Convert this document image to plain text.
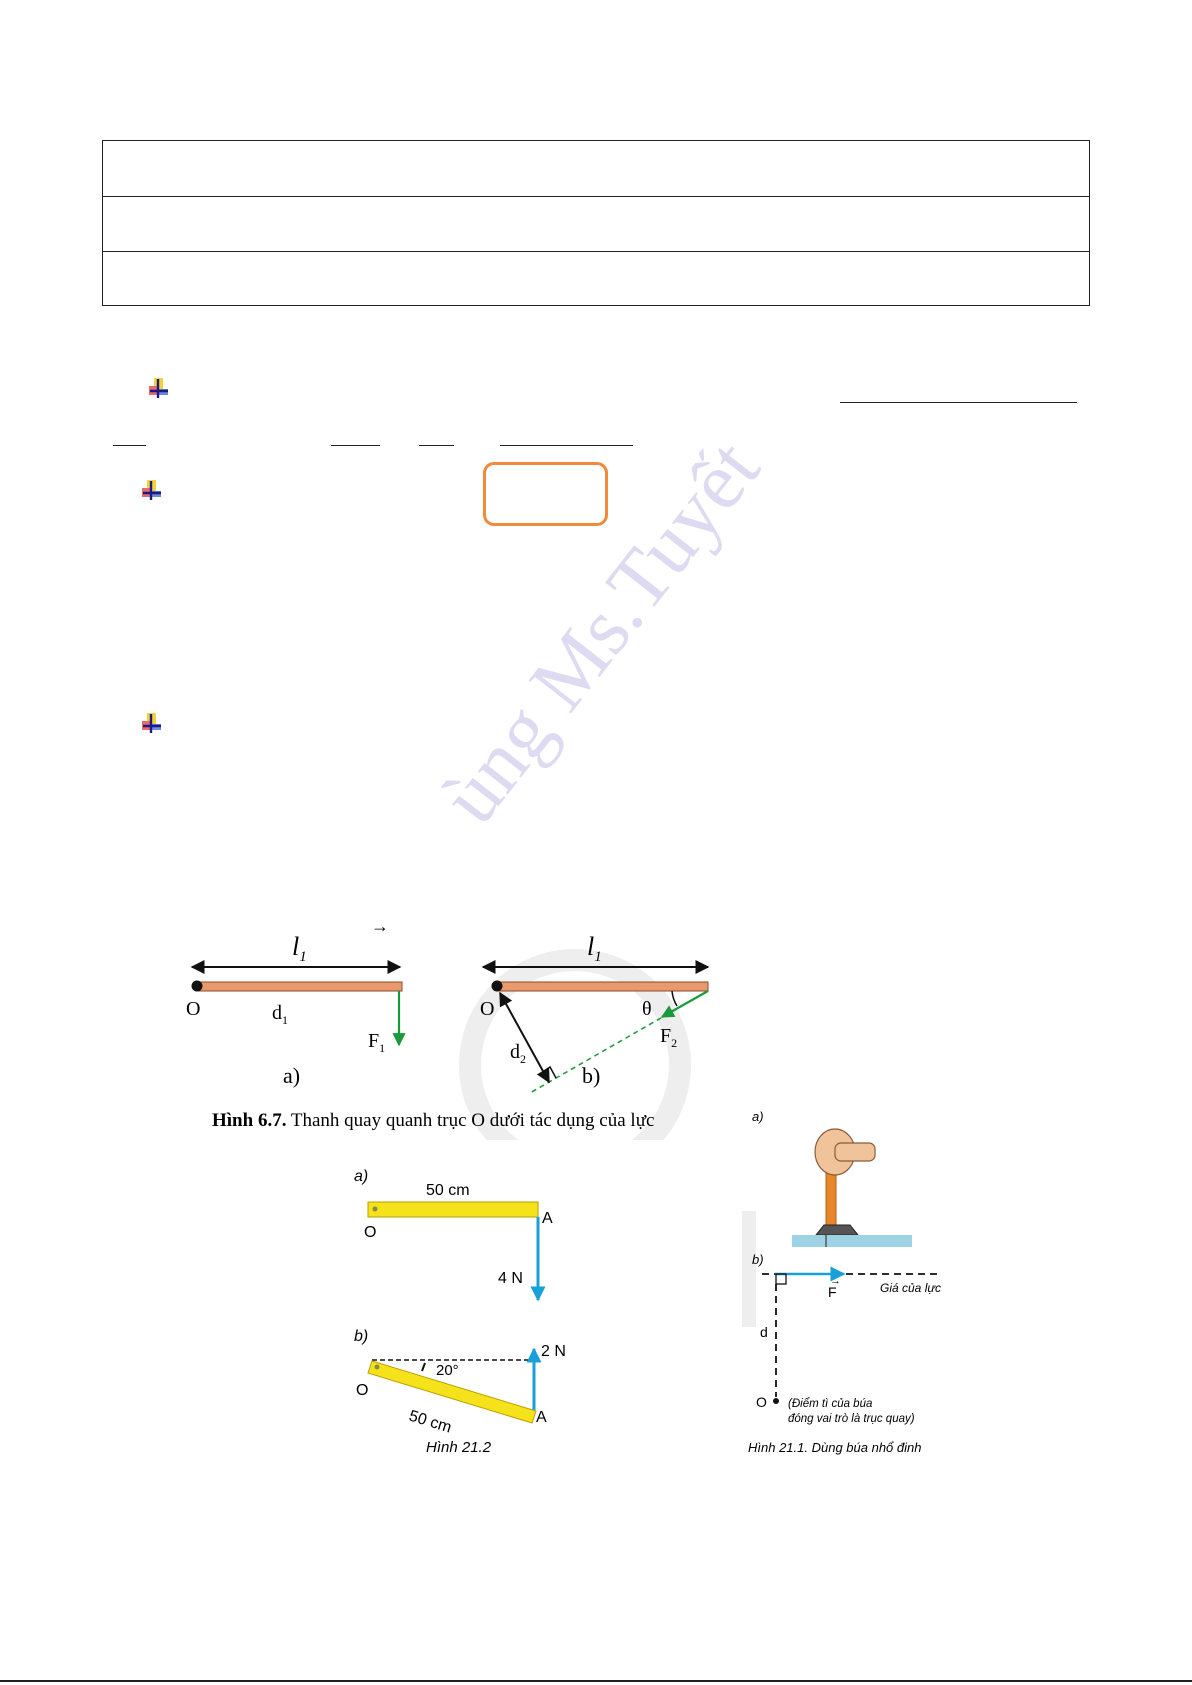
ùng Ms.Tuyết
$l_1$
O	$d_1$
$F_1$
→
a)
$l_1$
O
$d_2$
θ
$F_2$
b)
Hình 6.7. Thanh quay quanh trục O dưới tác dụng của lực
a)
50 cm
O
A
4 N
b)
20°
2 N
O
A
50 cm
Hình 21.2
a)
b)
F
→	Giá của lực
d
O (Điểm tì của búa
đóng vai trò là trục quay)
Hình 21.1. Dùng búa nhổ đinh
